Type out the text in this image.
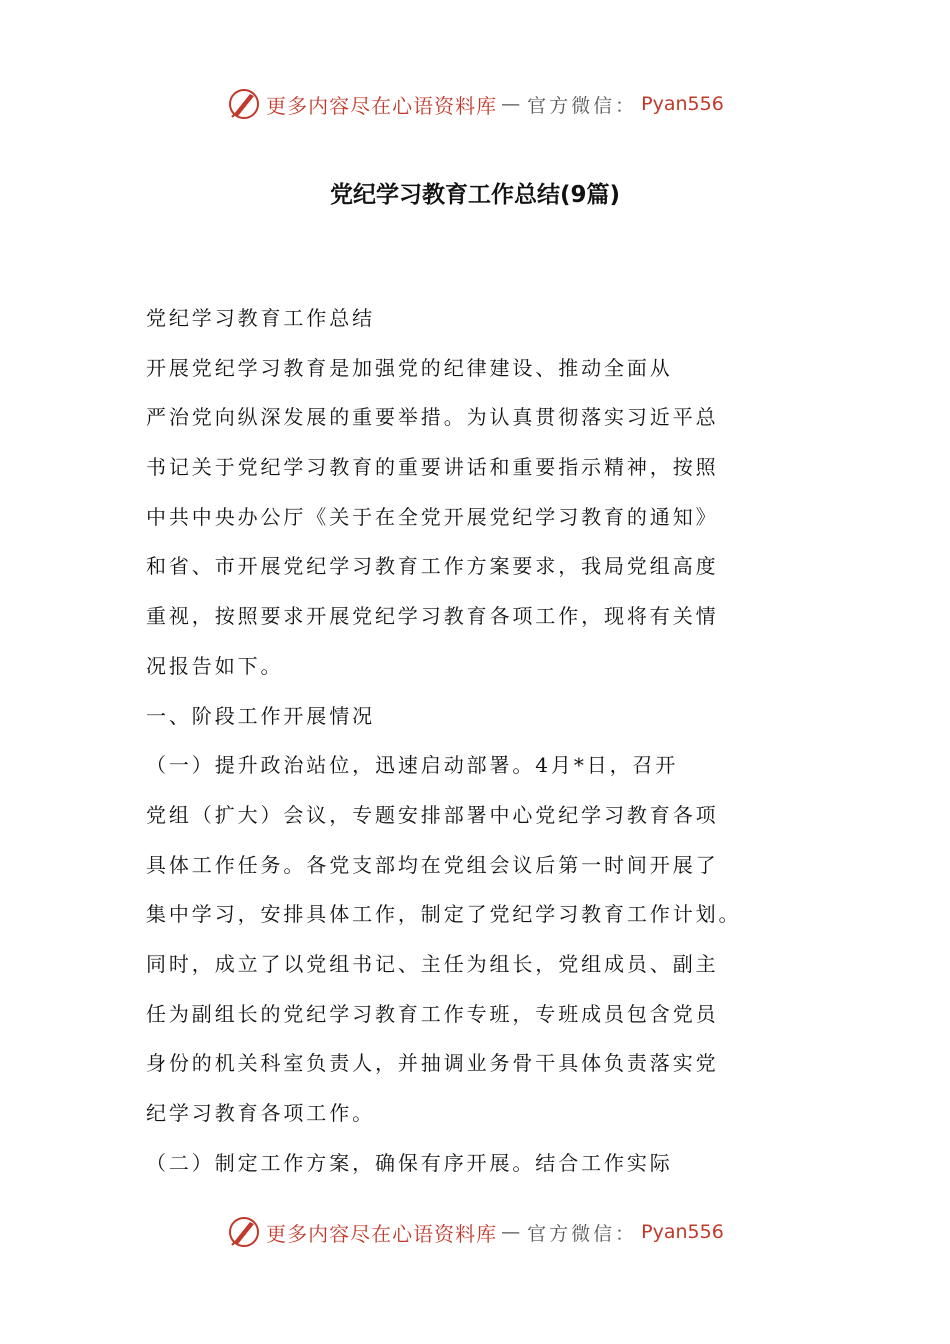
更多内容尽在心语资料库 — 官方微信： Pyan556
党纪学习教育工作总结(9篇)
党纪学习教育工作总结
开展党纪学习教育是加强党的纪律建设、推动全面从
严治党向纵深发展的重要举措。为认真贯彻落实习近平总
书记关于党纪学习教育的重要讲话和重要指示精神，按照
中共中央办公厅《关于在全党开展党纪学习教育的通知》
和省、市开展党纪学习教育工作方案要求，我局党组高度
重视，按照要求开展党纪学习教育各项工作，现将有关情
况报告如下。
一、阶段工作开展情况
（一）提升政治站位，迅速启动部署。4月*日，召开
党组（扩大）会议，专题安排部署中心党纪学习教育各项
具体工作任务。各党支部均在党组会议后第一时间开展了
集中学习，安排具体工作，制定了党纪学习教育工作计划。
同时，成立了以党组书记、主任为组长，党组成员、副主
任为副组长的党纪学习教育工作专班，专班成员包含党员
身份的机关科室负责人，并抽调业务骨干具体负责落实党
纪学习教育各项工作。
（二）制定工作方案，确保有序开展。结合工作实际
更多内容尽在心语资料库 — 官方微信： Pyan556
